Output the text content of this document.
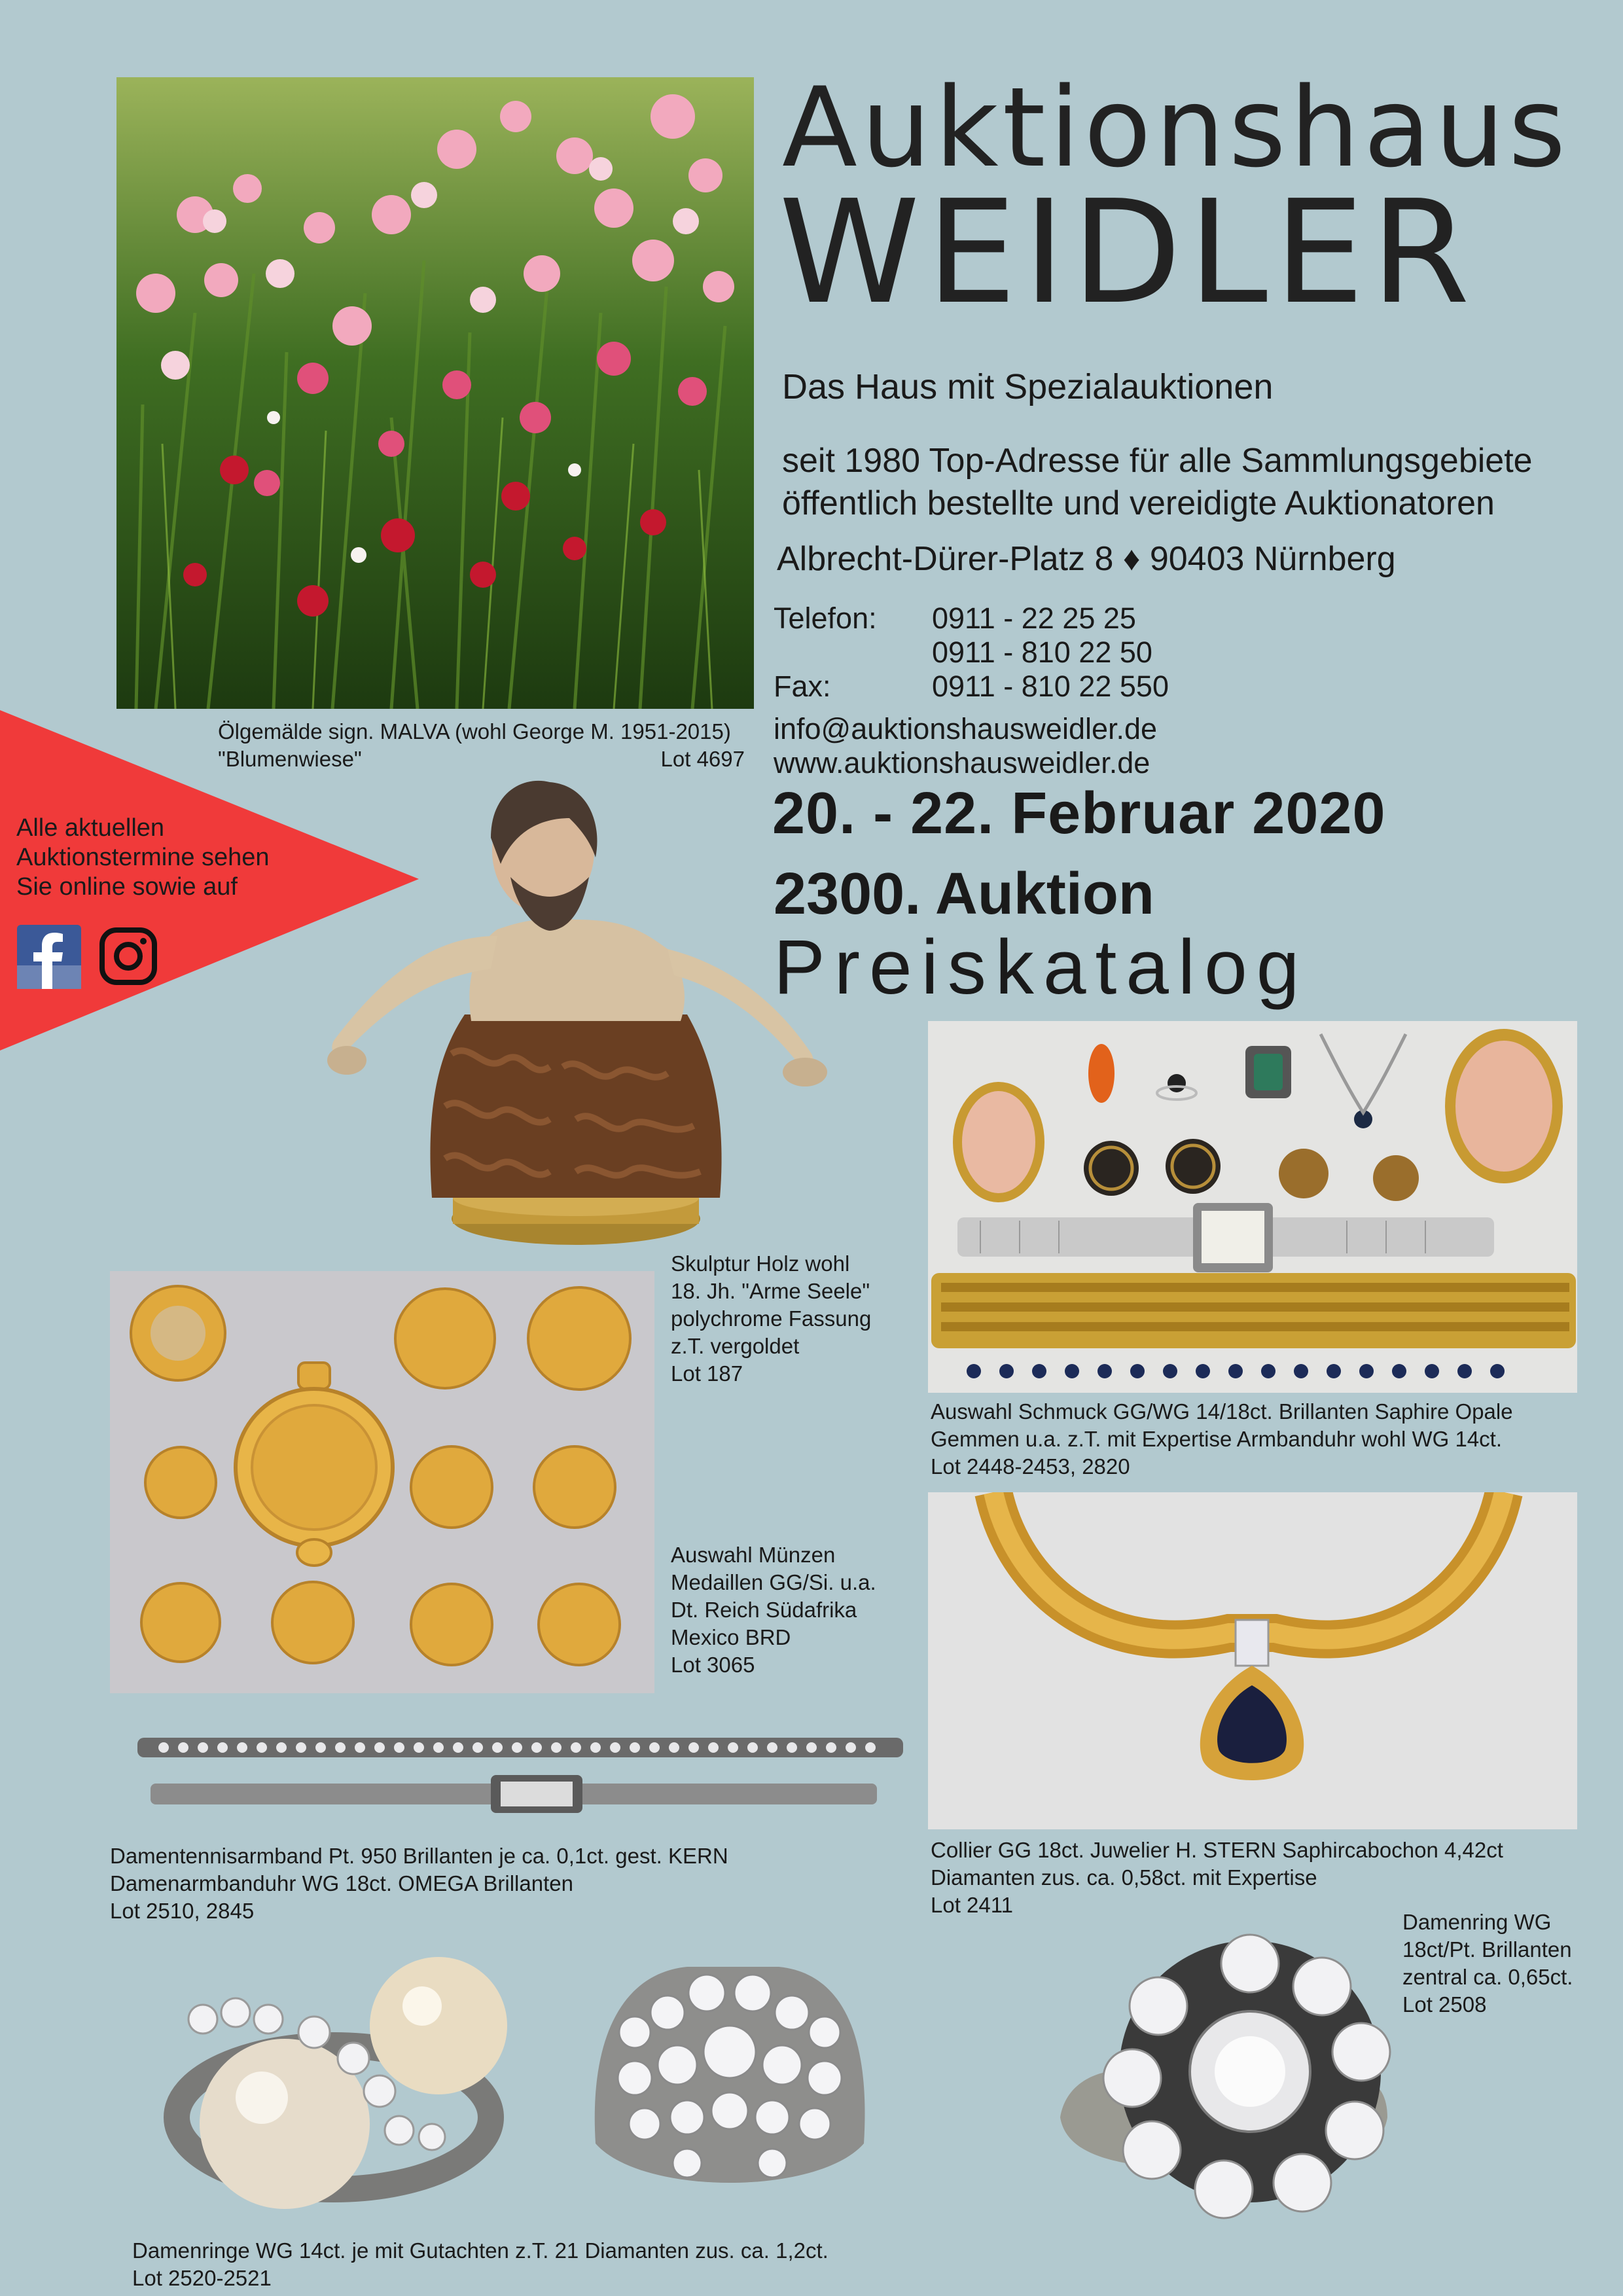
Auktionshaus
WEIDLER
Das Haus mit Spezialauktionen
seit 1980 Top-Adresse für alle Sammlungsgebiete
öffentlich bestellte und vereidigte Auktionatoren
Albrecht-Dürer-Platz 8 ♦ 90403 Nürnberg
Telefon: 0911 - 22 25 25
0911 - 810 22 50
Fax:	0911 - 810 22 550
info@auktionshausweidler.de
www.auktionshausweidler.de
20. - 22. Februar 2020
2300. Auktion
Preiskatalog
Ölgemälde sign. MALVA (wohl George M. 1951-2015)
"Blumenwiese"	Lot 4697
Alle aktuellen
Auktionstermine sehen
Sie online sowie auf
Skulptur Holz wohl
18. Jh. "Arme Seele"
polychrome Fassung
z.T. vergoldet
Lot 187
Auswahl Schmuck GG/WG 14/18ct. Brillanten Saphire Opale
Gemmen u.a. z.T. mit Expertise Armbanduhr wohl WG 14ct.
Lot 2448-2453, 2820
Auswahl Münzen
Medaillen GG/Si. u.a.
Dt. Reich Südafrika
Mexico BRD
Lot 3065
Collier GG 18ct. Juwelier H. STERN Saphircabochon 4,42ct
Diamanten zus. ca. 0,58ct. mit Expertise
Lot 2411
Damentennisarmband Pt. 950 Brillanten je ca. 0,1ct. gest. KERN
Damenarmbanduhr WG 18ct. OMEGA Brillanten
Lot 2510, 2845	Damenring WG
18ct/Pt. Brillanten
zentral ca. 0,65ct.
Lot 2508
Damenringe WG 14ct. je mit Gutachten z.T. 21 Diamanten zus. ca. 1,2ct.
Lot 2520-2521
